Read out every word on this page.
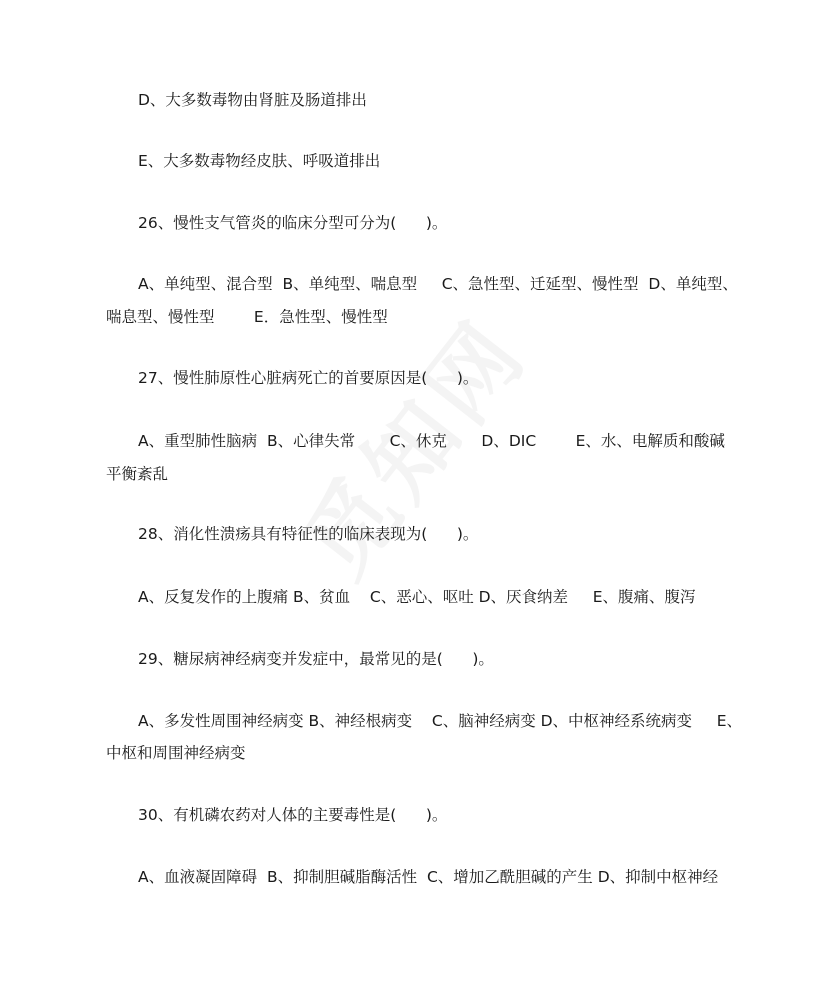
D、大多数毒物由肾脏及肠道排出
E、大多数毒物经皮肤、呼吸道排出
26、慢性支气管炎的临床分型可分为(      )。
A、单纯型、混合型  B、单纯型、喘息型     C、急性型、迁延型、慢性型  D、单纯型、
喘息型、慢性型        E．急性型、慢性型
27、慢性肺原性心脏病死亡的首要原因是(      )。
A、重型肺性脑病  B、心律失常       C、休克       D、DIC        E、水、电解质和酸碱
平衡紊乱
28、消化性溃疡具有特征性的临床表现为(      )。
A、反复发作的上腹痛 B、贫血    C、恶心、呕吐 D、厌食纳差     E、腹痛、腹泻
29、糖尿病神经病变并发症中，最常见的是(      )。
A、多发性周围神经病变 B、神经根病变    C、脑神经病变 D、中枢神经系统病变     E、
中枢和周围神经病变
30、有机磷农药对人体的主要毒性是(      )。
A、血液凝固障碍  B、抑制胆碱脂酶活性  C、增加乙酰胆碱的产生 D、抑制中枢神经
